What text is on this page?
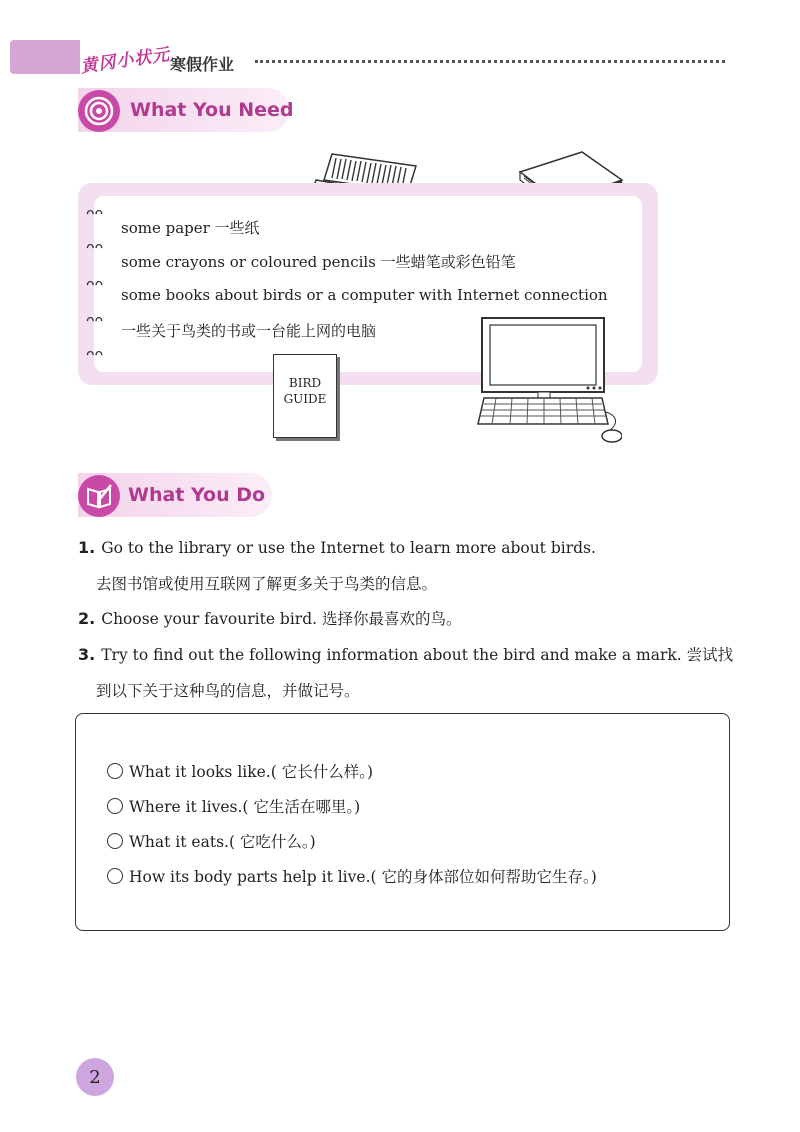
黄冈小状元
寒假作业
What You Need
ᴖᴖ
ᴖᴖ
ᴖᴖ
ᴖᴖ
ᴖᴖ
some paper 一些纸
some crayons or coloured pencils 一些蜡笔或彩色铅笔
some books about birds or a computer with Internet connection
一些关于鸟类的书或一台能上网的电脑
BIRD
GUIDE
What You Do
1. Go to the library or use the Internet to learn more about birds.
去图书馆或使用互联网了解更多关于鸟类的信息。
2. Choose your favourite bird. 选择你最喜欢的鸟。
3. Try to find out the following information about the bird and make a mark. 尝试找
到以下关于这种鸟的信息，并做记号。
What it looks like.( 它长什么样。)
Where it lives.( 它生活在哪里。)
What it eats.( 它吃什么。)
How its body parts help it live.( 它的身体部位如何帮助它生存。)
2
